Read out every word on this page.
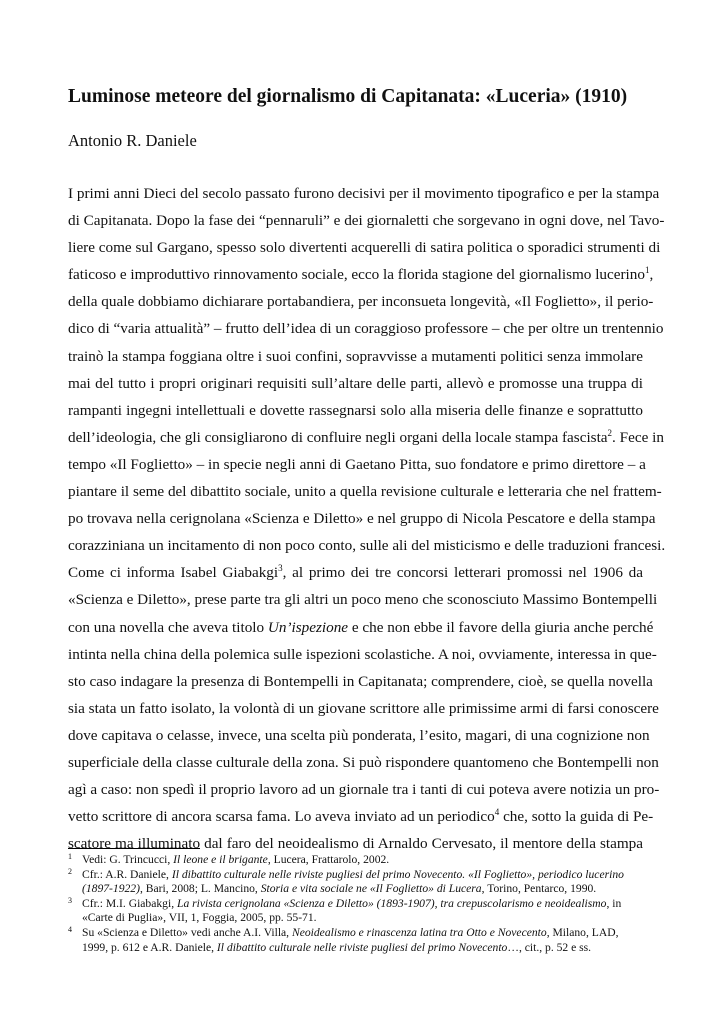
Luminose meteore del giornalismo di Capitanata: «Luceria» (1910)
Antonio R. Daniele
I primi anni Dieci del secolo passato furono decisivi per il movimento tipografico e per la stampa
di Capitanata. Dopo la fase dei “pennaruli” e dei giornaletti che sorgevano in ogni dove, nel Tavo-
liere come sul Gargano, spesso solo divertenti acquerelli di satira politica o sporadici strumenti di
faticoso e improduttivo rinnovamento sociale, ecco la florida stagione del giornalismo lucerino$^1$,
della quale dobbiamo dichiarare portabandiera, per inconsueta longevità, «Il Foglietto», il perio-
dico di “varia attualità” – frutto dell’idea di un coraggioso professore – che per oltre un trentennio
trainò la stampa foggiana oltre i suoi confini, sopravvisse a mutamenti politici senza immolare
mai del tutto i propri originari requisiti sull’altare delle parti, allevò e promosse una truppa di
rampanti ingegni intellettuali e dovette rassegnarsi solo alla miseria delle finanze e soprattutto
dell’ideologia, che gli consigliarono di confluire negli organi della locale stampa fascista$^2$. Fece in
tempo «Il Foglietto» – in specie negli anni di Gaetano Pitta, suo fondatore e primo direttore – a
piantare il seme del dibattito sociale, unito a quella revisione culturale e letteraria che nel frattem-
po trovava nella cerignolana «Scienza e Diletto» e nel gruppo di Nicola Pescatore e della stampa
corazziniana un incitamento di non poco conto, sulle ali del misticismo e delle traduzioni francesi.
Come ci informa Isabel Giabakgi$^3$, al primo dei tre concorsi letterari promossi nel 1906 da
«Scienza e Diletto», prese parte tra gli altri un poco meno che sconosciuto Massimo Bontempelli
con una novella che aveva titolo Un’ispezione e che non ebbe il favore della giuria anche perché
intinta nella china della polemica sulle ispezioni scolastiche. A noi, ovviamente, interessa in que-
sto caso indagare la presenza di Bontempelli in Capitanata; comprendere, cioè, se quella novella
sia stata un fatto isolato, la volontà di un giovane scrittore alle primissime armi di farsi conoscere
dove capitava o celasse, invece, una scelta più ponderata, l’esito, magari, di una cognizione non
superficiale della classe culturale della zona. Si può rispondere quantomeno che Bontempelli non
agì a caso: non spedì il proprio lavoro ad un giornale tra i tanti di cui poteva avere notizia un pro-
vetto scrittore di ancora scarsa fama. Lo aveva inviato ad un periodico$^4$ che, sotto la guida di Pe-
scatore ma illuminato dal faro del neoidealismo di Arnaldo Cervesato, il mentore della stampa
$^1$ Vedi: G. Trincucci, Il leone e il brigante, Lucera, Frattarolo, 2002.
$^2$ Cfr.: A.R. Daniele, Il dibattito culturale nelle riviste pugliesi del primo Novecento. «Il Foglietto», periodico lucerino
(1897-1922), Bari, 2008; L. Mancino, Storia e vita sociale ne «Il Foglietto» di Lucera, Torino, Pentarco, 1990.
$^3$ Cfr.: M.I. Giabakgi, La rivista cerignolana «Scienza e Diletto» (1893-1907), tra crepuscolarismo e neoidealismo, in
«Carte di Puglia», VII, 1, Foggia, 2005, pp. 55-71.
$^4$ Su «Scienza e Diletto» vedi anche A.I. Villa, Neoidealismo e rinascenza latina tra Otto e Novecento, Milano, LAD,
1999, p. 612 e A.R. Daniele, Il dibattito culturale nelle riviste pugliesi del primo Novecento…, cit., p. 52 e ss.
